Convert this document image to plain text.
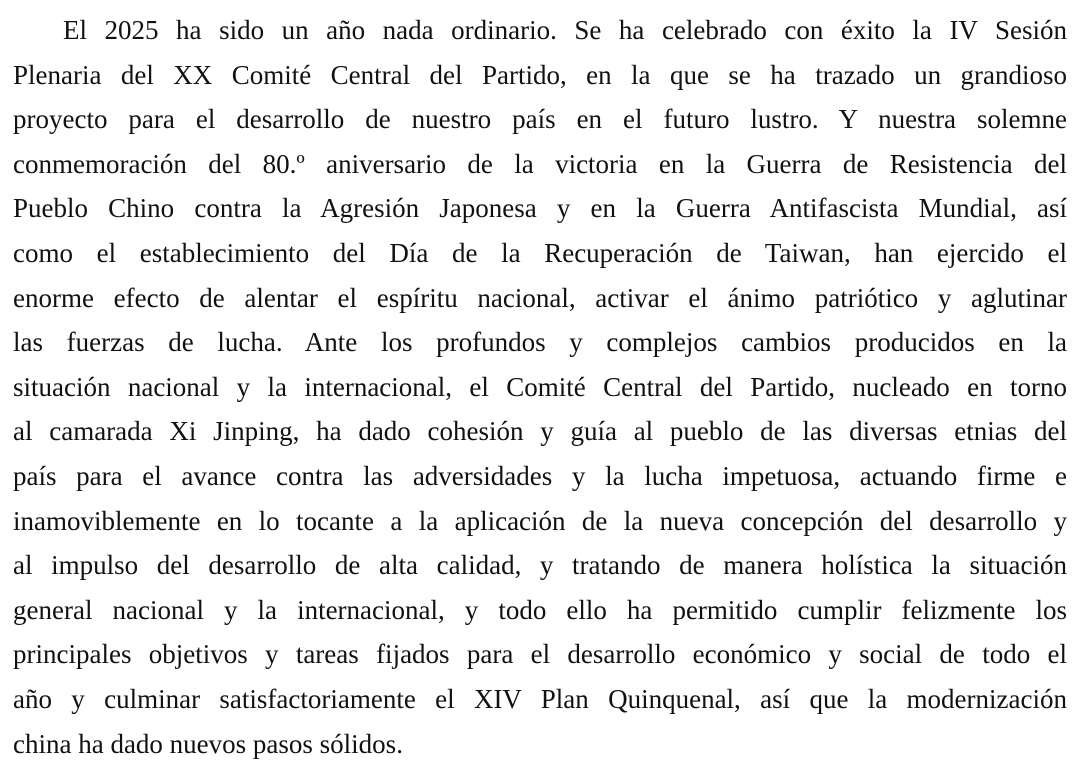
El 2025 ha sido un año nada ordinario. Se ha celebrado con éxito la IV Sesión
Plenaria del XX Comité Central del Partido, en la que se ha trazado un grandioso
proyecto para el desarrollo de nuestro país en el futuro lustro. Y nuestra solemne
conmemoración del 80.º aniversario de la victoria en la Guerra de Resistencia del
Pueblo Chino contra la Agresión Japonesa y en la Guerra Antifascista Mundial, así
como el establecimiento del Día de la Recuperación de Taiwan, han ejercido el
enorme efecto de alentar el espíritu nacional, activar el ánimo patriótico y aglutinar
las fuerzas de lucha. Ante los profundos y complejos cambios producidos en la
situación nacional y la internacional, el Comité Central del Partido, nucleado en torno
al camarada Xi Jinping, ha dado cohesión y guía al pueblo de las diversas etnias del
país para el avance contra las adversidades y la lucha impetuosa, actuando firme e
inamoviblemente en lo tocante a la aplicación de la nueva concepción del desarrollo y
al impulso del desarrollo de alta calidad, y tratando de manera holística la situación
general nacional y la internacional, y todo ello ha permitido cumplir felizmente los
principales objetivos y tareas fijados para el desarrollo económico y social de todo el
año y culminar satisfactoriamente el XIV Plan Quinquenal, así que la modernización
china ha dado nuevos pasos sólidos.
